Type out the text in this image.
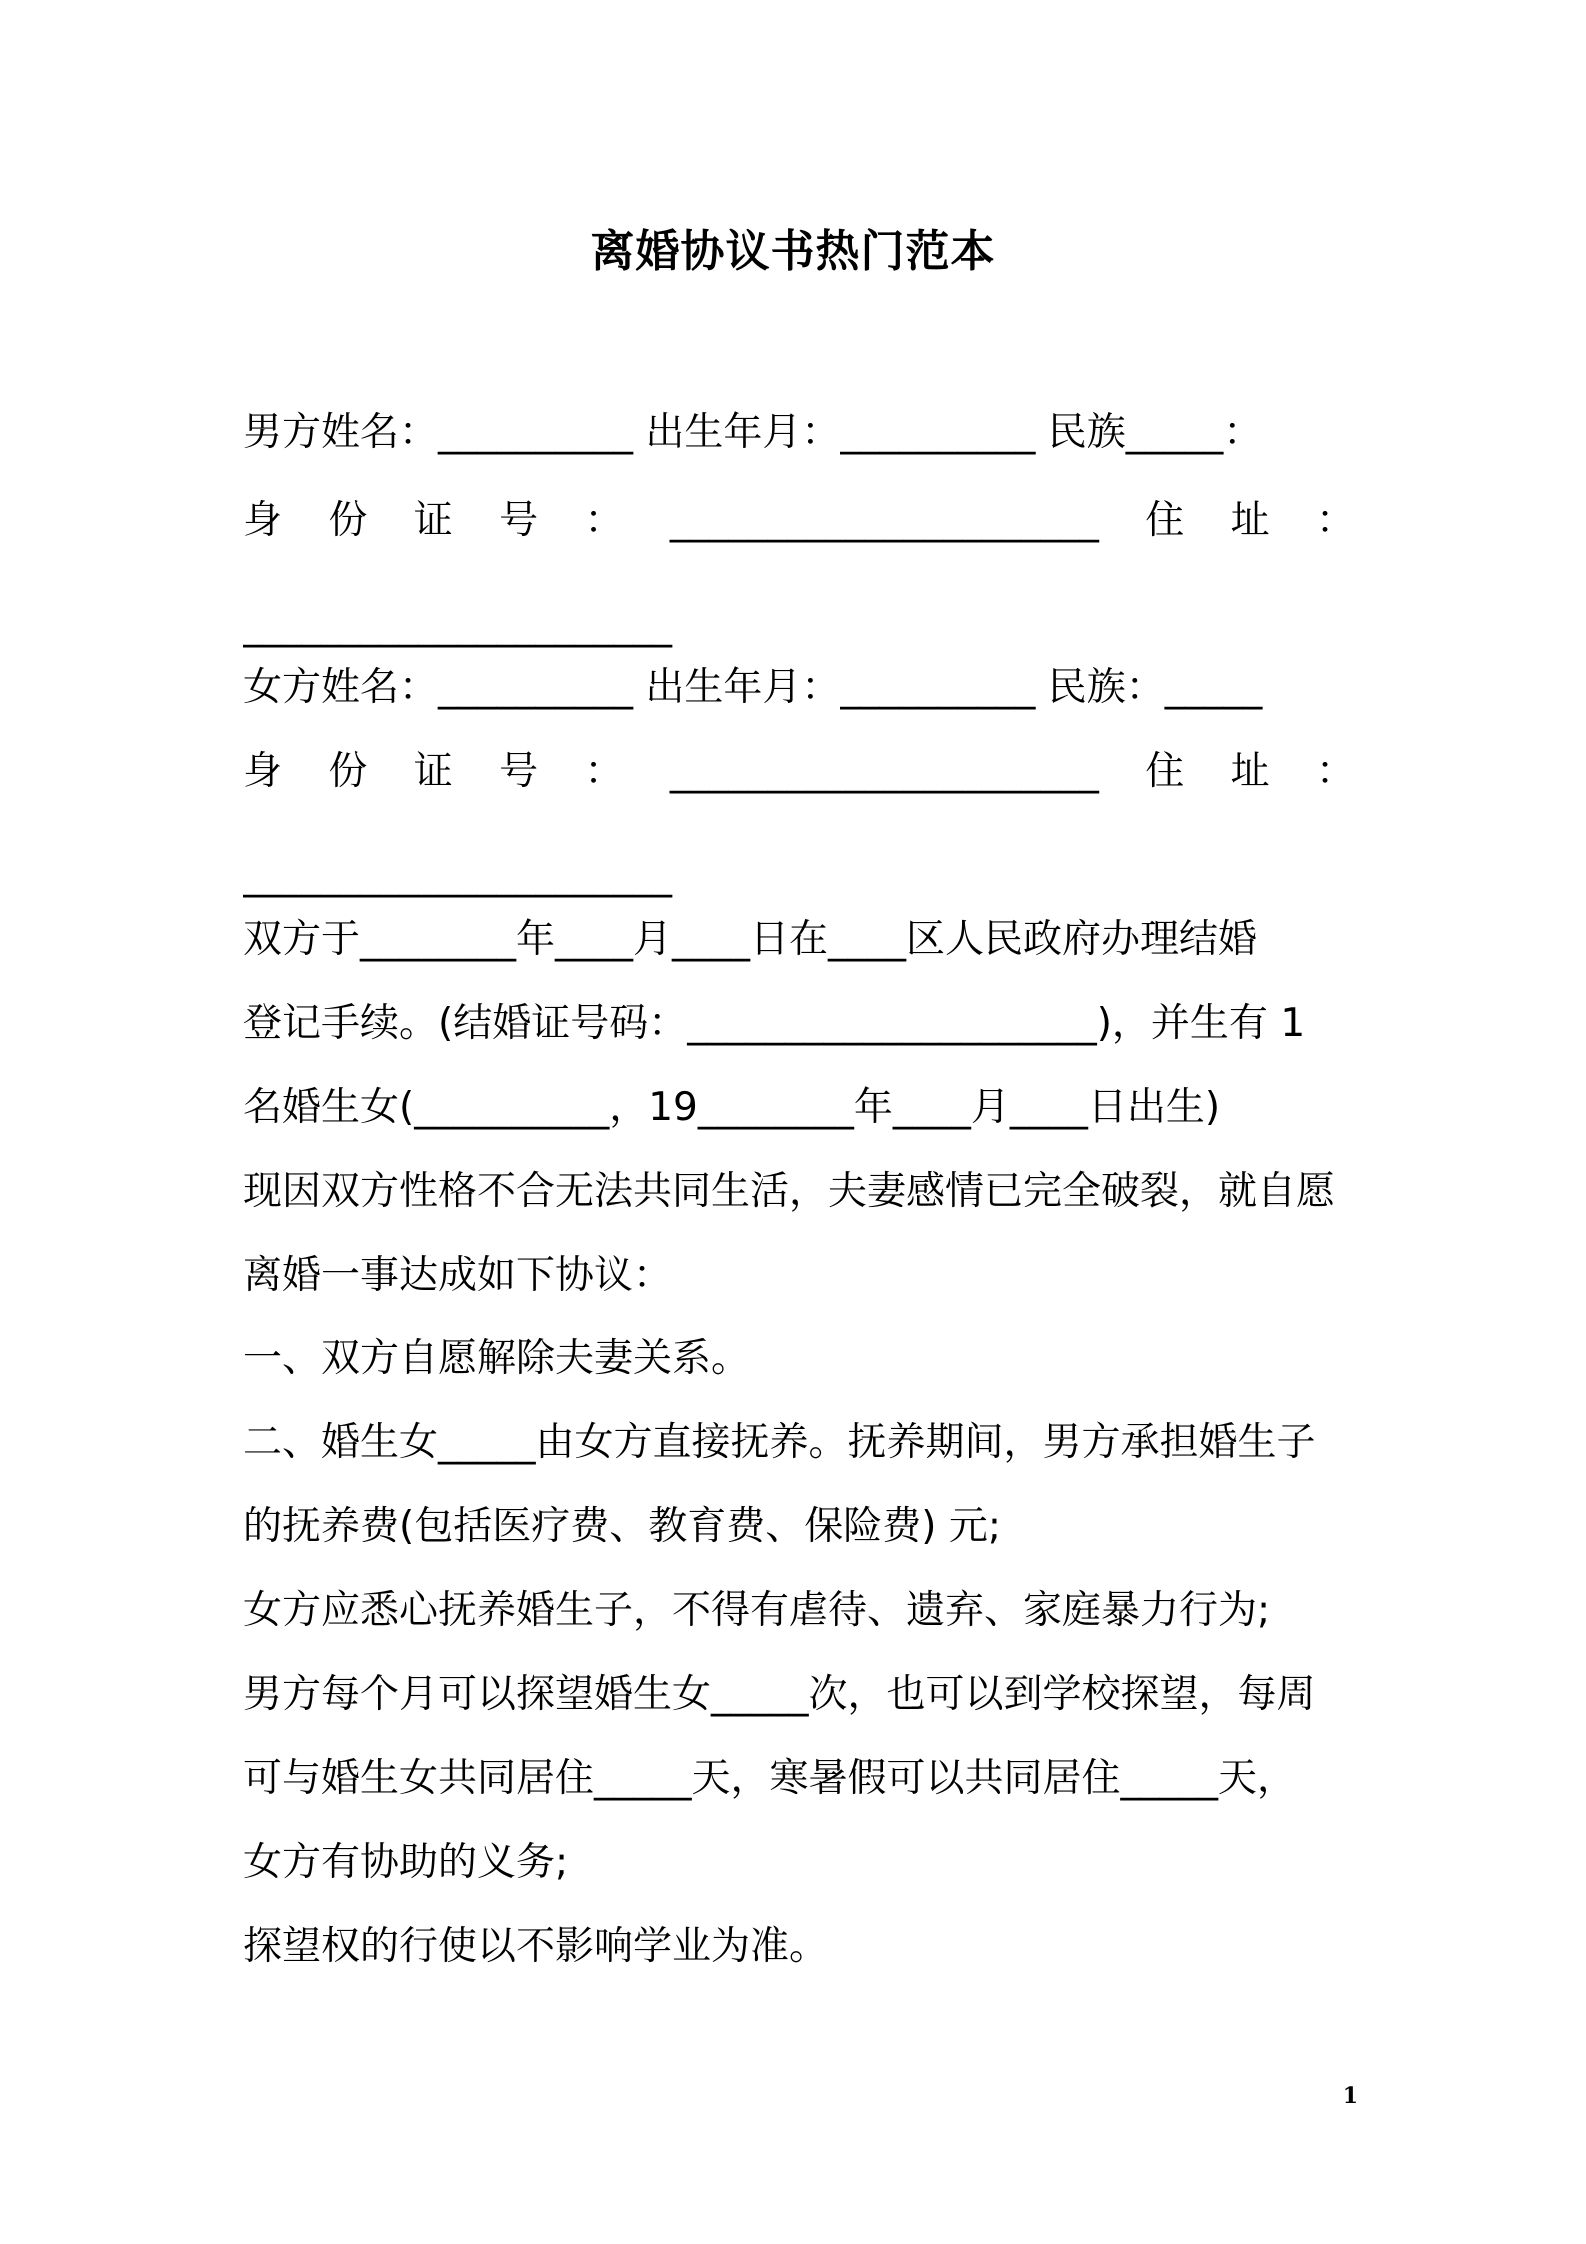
离婚协议书热门范本
男方姓名：__________ 出生年月：__________ 民族_____：
身 份 证 号 ： ______________________ 住 址 ：
______________________
女方姓名：__________ 出生年月：__________ 民族：_____
身 份 证 号 ： ______________________ 住 址 ：
______________________
双方于________年____月____日在____区人民政府办理结婚
登记手续。(结婚证号码：_____________________)，并生有 1
名婚生女(__________，19________年____月____日出生)
现因双方性格不合无法共同生活，夫妻感情已完全破裂，就自愿
离婚一事达成如下协议：
一、双方自愿解除夫妻关系。
二、婚生女_____由女方直接抚养。抚养期间，男方承担婚生子
的抚养费(包括医疗费、教育费、保险费) 元;
女方应悉心抚养婚生子，不得有虐待、遗弃、家庭暴力行为;
男方每个月可以探望婚生女_____次，也可以到学校探望，每周
可与婚生女共同居住_____天，寒暑假可以共同居住_____天，
女方有协助的义务;
探望权的行使以不影响学业为准。
1
